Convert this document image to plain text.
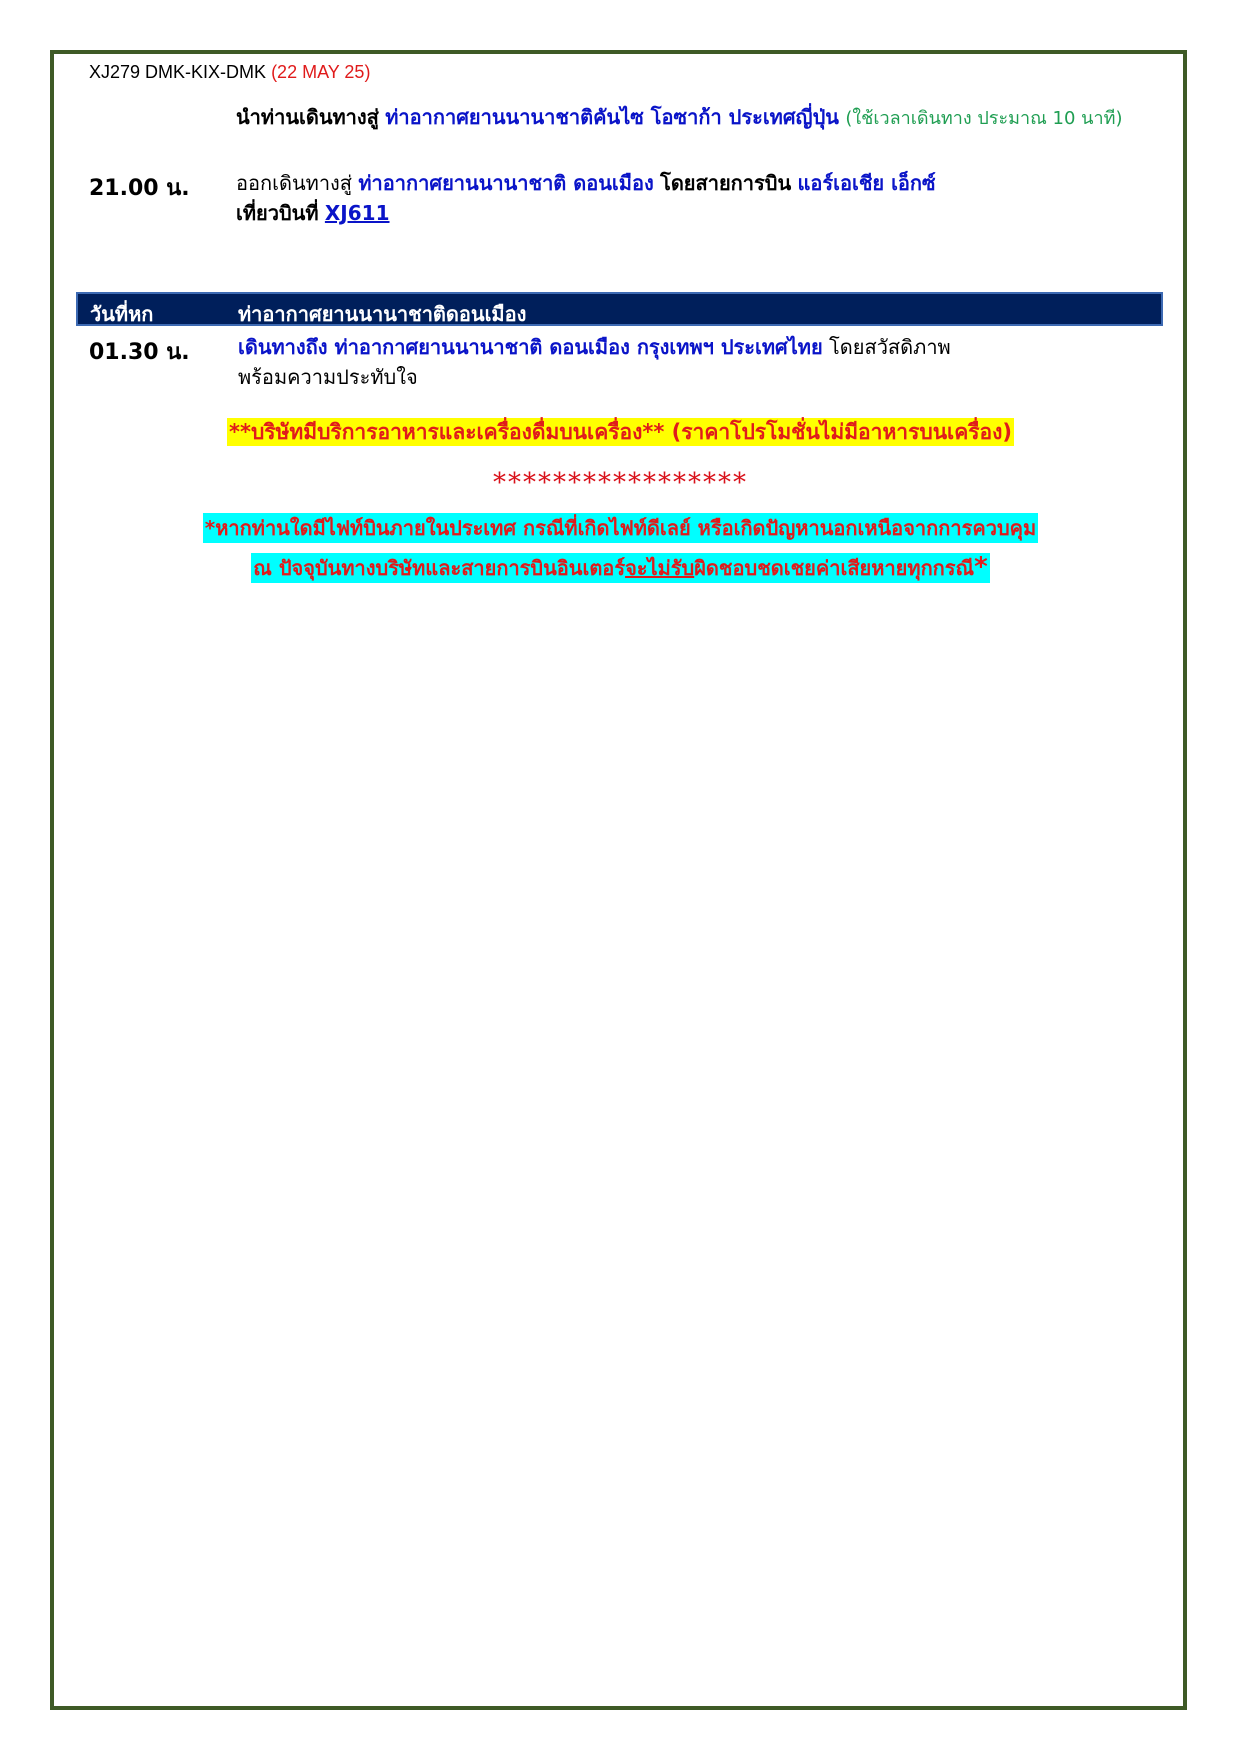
XJ279 DMK-KIX-DMK (22 MAY 25)
นำท่านเดินทางสู่ ท่าอากาศยานนานาชาติคันไซ โอซาก้า ประเทศญี่ปุ่น (ใช้เวลาเดินทาง ประมาณ 10 นาที)
21.00 น. ออกเดินทางสู่ ท่าอากาศยานนานาชาติ ดอนเมือง โดยสายการบิน แอร์เอเชีย เอ็กซ์
เที่ยวบินที่ XJ611
วันที่หก	ท่าอากาศยานนานาชาติดอนเมือง
01.30 น. เดินทางถึง ท่าอากาศยานนานาชาติ ดอนเมือง กรุงเทพฯ ประเทศไทย โดยสวัสดิภาพ
พร้อมความประทับใจ
**บริษัทมีบริการอาหารและเครื่องดื่มบนเครื่อง** (ราคาโปรโมชั่นไม่มีอาหารบนเครื่อง)
*****************
*หากท่านใดมีไฟท์บินภายในประเทศ กรณีที่เกิดไฟท์ดีเลย์ หรือเกิดปัญหานอกเหนือจากการควบคุม
ณ ปัจจุบันทางบริษัทและสายการบินอินเตอร์จะไม่รับผิดชอบชดเชยค่าเสียหายทุกกรณี*
